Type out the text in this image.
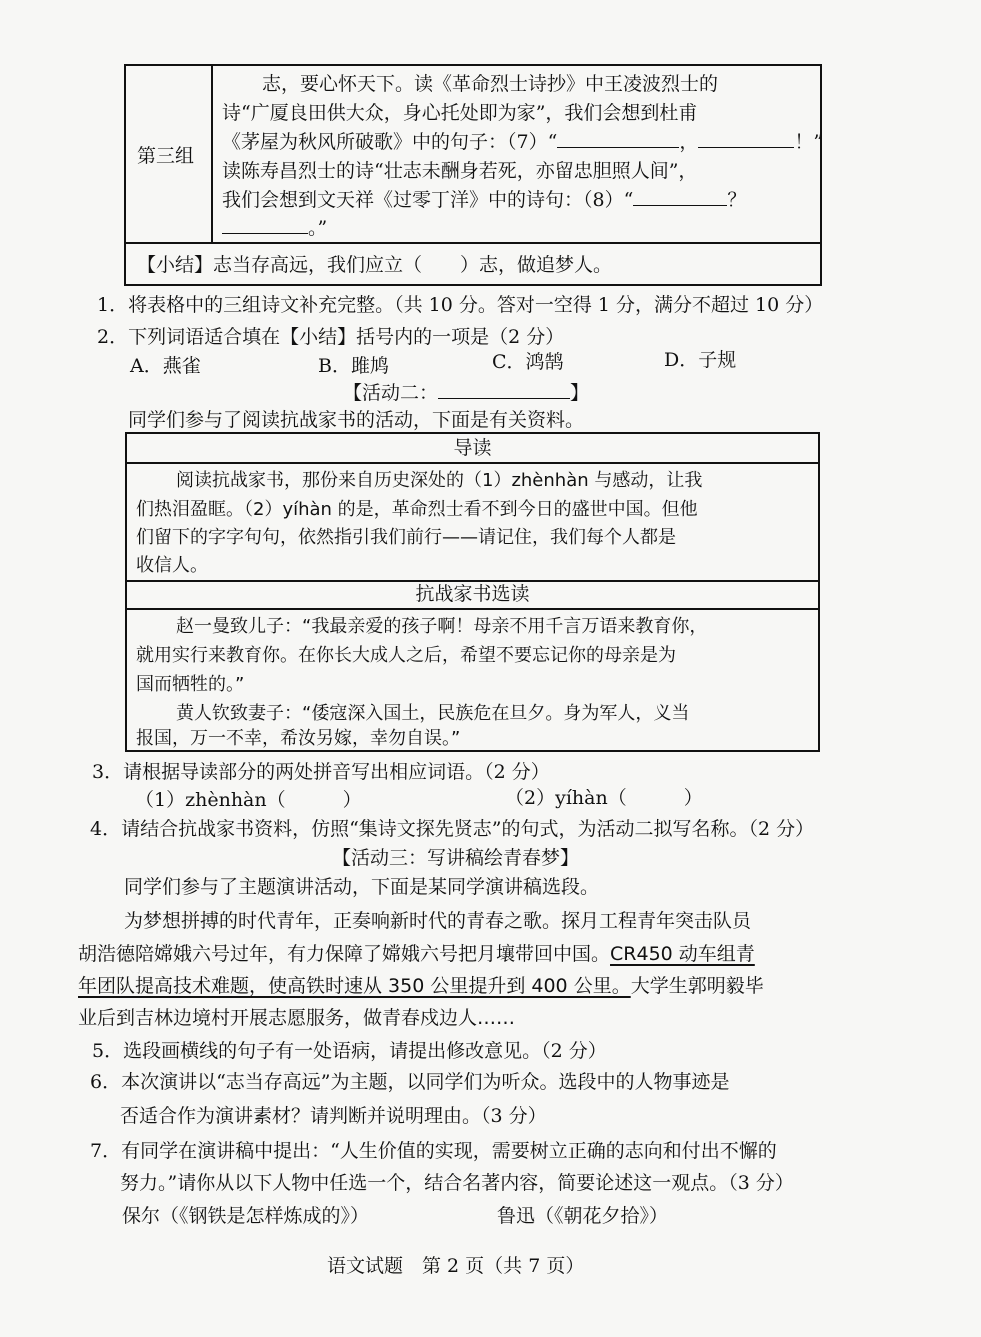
第三组
志，要心怀天下。读《革命烈士诗抄》中王凌波烈士的
诗“广厦良田供大众，身心托处即为家”，我们会想到杜甫
《茅屋为秋风所破歌》中的句子：（7）“	，	！”
读陈寿昌烈士的诗“壮志未酬身若死，亦留忠胆照人间”，
我们会想到文天祥《过零丁洋》中的诗句：（8）“	？
。”
【小结】志当存高远，我们应立（　　）志，做追梦人。
1．将表格中的三组诗文补充完整。（共 10 分。答对一空得 1 分，满分不超过 10 分）
2．下列词语适合填在【小结】括号内的一项是（2 分）
A．燕雀	B．雎鸠	C．鸿鹄	D．子规
【活动二：	】
同学们参与了阅读抗战家书的活动，下面是有关资料。
导读
阅读抗战家书，那份来自历史深处的（1）zhènhàn 与感动，让我
们热泪盈眶。（2）yíhàn 的是，革命烈士看不到今日的盛世中国。但他
们留下的字字句句，依然指引我们前行——请记住，我们每个人都是
收信人。
抗战家书选读
赵一曼致儿子：“我最亲爱的孩子啊！母亲不用千言万语来教育你，
就用实行来教育你。在你长大成人之后，希望不要忘记你的母亲是为
国而牺牲的。”
黄人钦致妻子：“倭寇深入国土，民族危在旦夕。身为军人，义当
报国，万一不幸，希汝另嫁，幸勿自误。”
3．请根据导读部分的两处拼音写出相应词语。（2 分）
（1）zhènhàn（　　　）	（2）yíhàn（　　　）
4．请结合抗战家书资料，仿照“集诗文探先贤志”的句式，为活动二拟写名称。（2 分）
【活动三：写讲稿绘青春梦】
同学们参与了主题演讲活动，下面是某同学演讲稿选段。
为梦想拼搏的时代青年，正奏响新时代的青春之歌。探月工程青年突击队员
胡浩德陪嫦娥六号过年，有力保障了嫦娥六号把月壤带回中国。CR450 动车组青
年团队提高技术难题，使高铁时速从 350 公里提升到 400 公里。大学生郭明毅毕
业后到吉林边境村开展志愿服务，做青春戍边人……
5．选段画横线的句子有一处语病，请提出修改意见。（2 分）
6．本次演讲以“志当存高远”为主题，以同学们为听众。选段中的人物事迹是
否适合作为演讲素材？请判断并说明理由。（3 分）
7．有同学在演讲稿中提出：“人生价值的实现，需要树立正确的志向和付出不懈的
努力。”请你从以下人物中任选一个，结合名著内容，简要论述这一观点。（3 分）
保尔（《钢铁是怎样炼成的》）	鲁迅（《朝花夕拾》）
语文试题　第 2 页（共 7 页）
